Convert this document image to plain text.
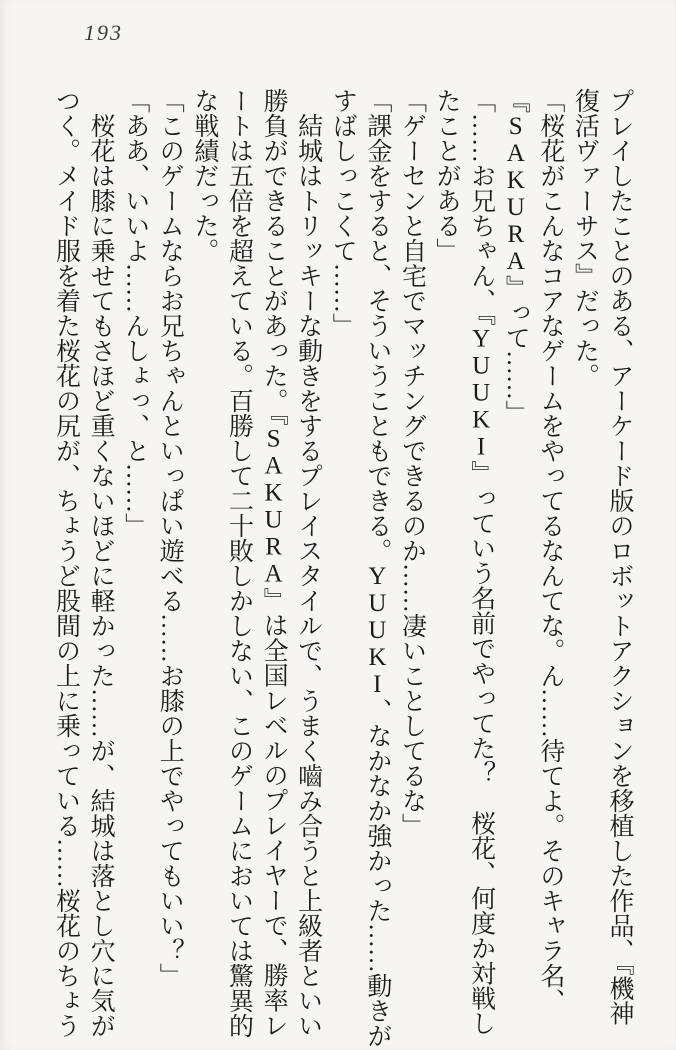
193

プレイしたことのある、アーケード版のロボットアクションを移植した作品、『機神

復活ヴァーサス』だった。

「桜花がこんなコアなゲームをやってるなんてな。ん……待てよ。そのキャラ名、

『SAKURA』って……」

「……お兄ちゃん、『YUUKI』っていう名前でやってた？　桜花、何度か対戦し

たことがある」

「ゲーセンと自宅でマッチングできるのか……凄いことしてるな」

「課金をすると、そういうこともできる。YUUKI、なかなか強かった……動きが

すばしっこくて……」

　結城はトリッキーな動きをするプレイスタイルで、うまく嚙み合うと上級者といい

勝負ができることがあった。『SAKURA』は全国レベルのプレイヤーで、勝率レ

ートは五倍を超えている。百勝して二十敗しかしない、このゲームにおいては驚異的

な戦績だった。

「このゲームならお兄ちゃんといっぱい遊べる……お膝の上でやってもいい？」

「ああ、いいよ……んしょっ、と……」

　桜花は膝に乗せてもさほど重くないほどに軽かった……が、結城は落とし穴に気が

つく。メイド服を着た桜花の尻が、ちょうど股間の上に乗っている……桜花のちょう
